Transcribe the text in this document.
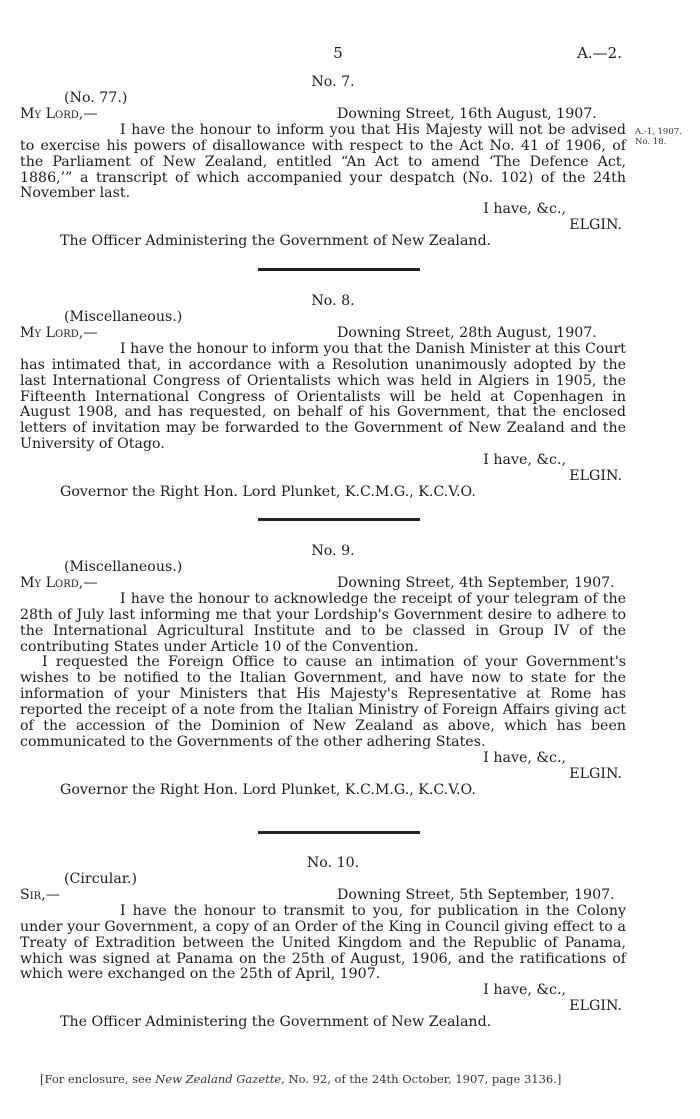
5	A.—2.
A.-1, 1907.
No. 18.
No. 7.
(No. 77.)
My Lord,—	Downing Street, 16th August, 1907.

I have the honour to inform you that His Majesty will not be advised to exercise his powers of disallowance with respect to the Act No. 41 of 1906, of the Parliament of New Zealand, entitled “An Act to amend ‘The Defence Act, 1886,’” a transcript of which accompanied your despatch (No. 102) of the 24th November last.

I have, &c.,
ELGIN.
The Officer Administering the Government of New Zealand.
No. 8.
(Miscellaneous.)
My Lord,—	Downing Street, 28th August, 1907.

I have the honour to inform you that the Danish Minister at this Court has intimated that, in accordance with a Resolution unanimously adopted by the last International Congress of Orientalists which was held in Algiers in 1905, the Fifteenth International Congress of Orientalists will be held at Copenhagen in August 1908, and has requested, on behalf of his Government, that the enclosed letters of invitation may be forwarded to the Government of New Zealand and the University of Otago.

I have, &c.,
ELGIN.
Governor the Right Hon. Lord Plunket, K.C.M.G., K.C.V.O.
No. 9.
(Miscellaneous.)
My Lord,—	Downing Street, 4th September, 1907.

I have the honour to acknowledge the receipt of your telegram of the 28th of July last informing me that your Lordship's Government desire to adhere to the International Agricultural Institute and to be classed in Group IV of the contributing States under Article 10 of the Convention.

I requested the Foreign Office to cause an intimation of your Government's wishes to be notified to the Italian Government, and have now to state for the information of your Ministers that His Majesty's Representative at Rome has reported the receipt of a note from the Italian Ministry of Foreign Affairs giving act of the accession of the Dominion of New Zealand as above, which has been communicated to the Governments of the other adhering States.

I have, &c.,
ELGIN.
Governor the Right Hon. Lord Plunket, K.C.M.G., K.C.V.O.
No. 10.
(Circular.)
Sir,—	Downing Street, 5th September, 1907.

I have the honour to transmit to you, for publication in the Colony under your Government, a copy of an Order of the King in Council giving effect to a Treaty of Extradition between the United Kingdom and the Republic of Panama, which was signed at Panama on the 25th of August, 1906, and the ratifications of which were exchanged on the 25th of April, 1907.

I have, &c.,
ELGIN.
The Officer Administering the Government of New Zealand.
[For enclosure, see New Zealand Gazette, No. 92, of the 24th October, 1907, page 3136.]
